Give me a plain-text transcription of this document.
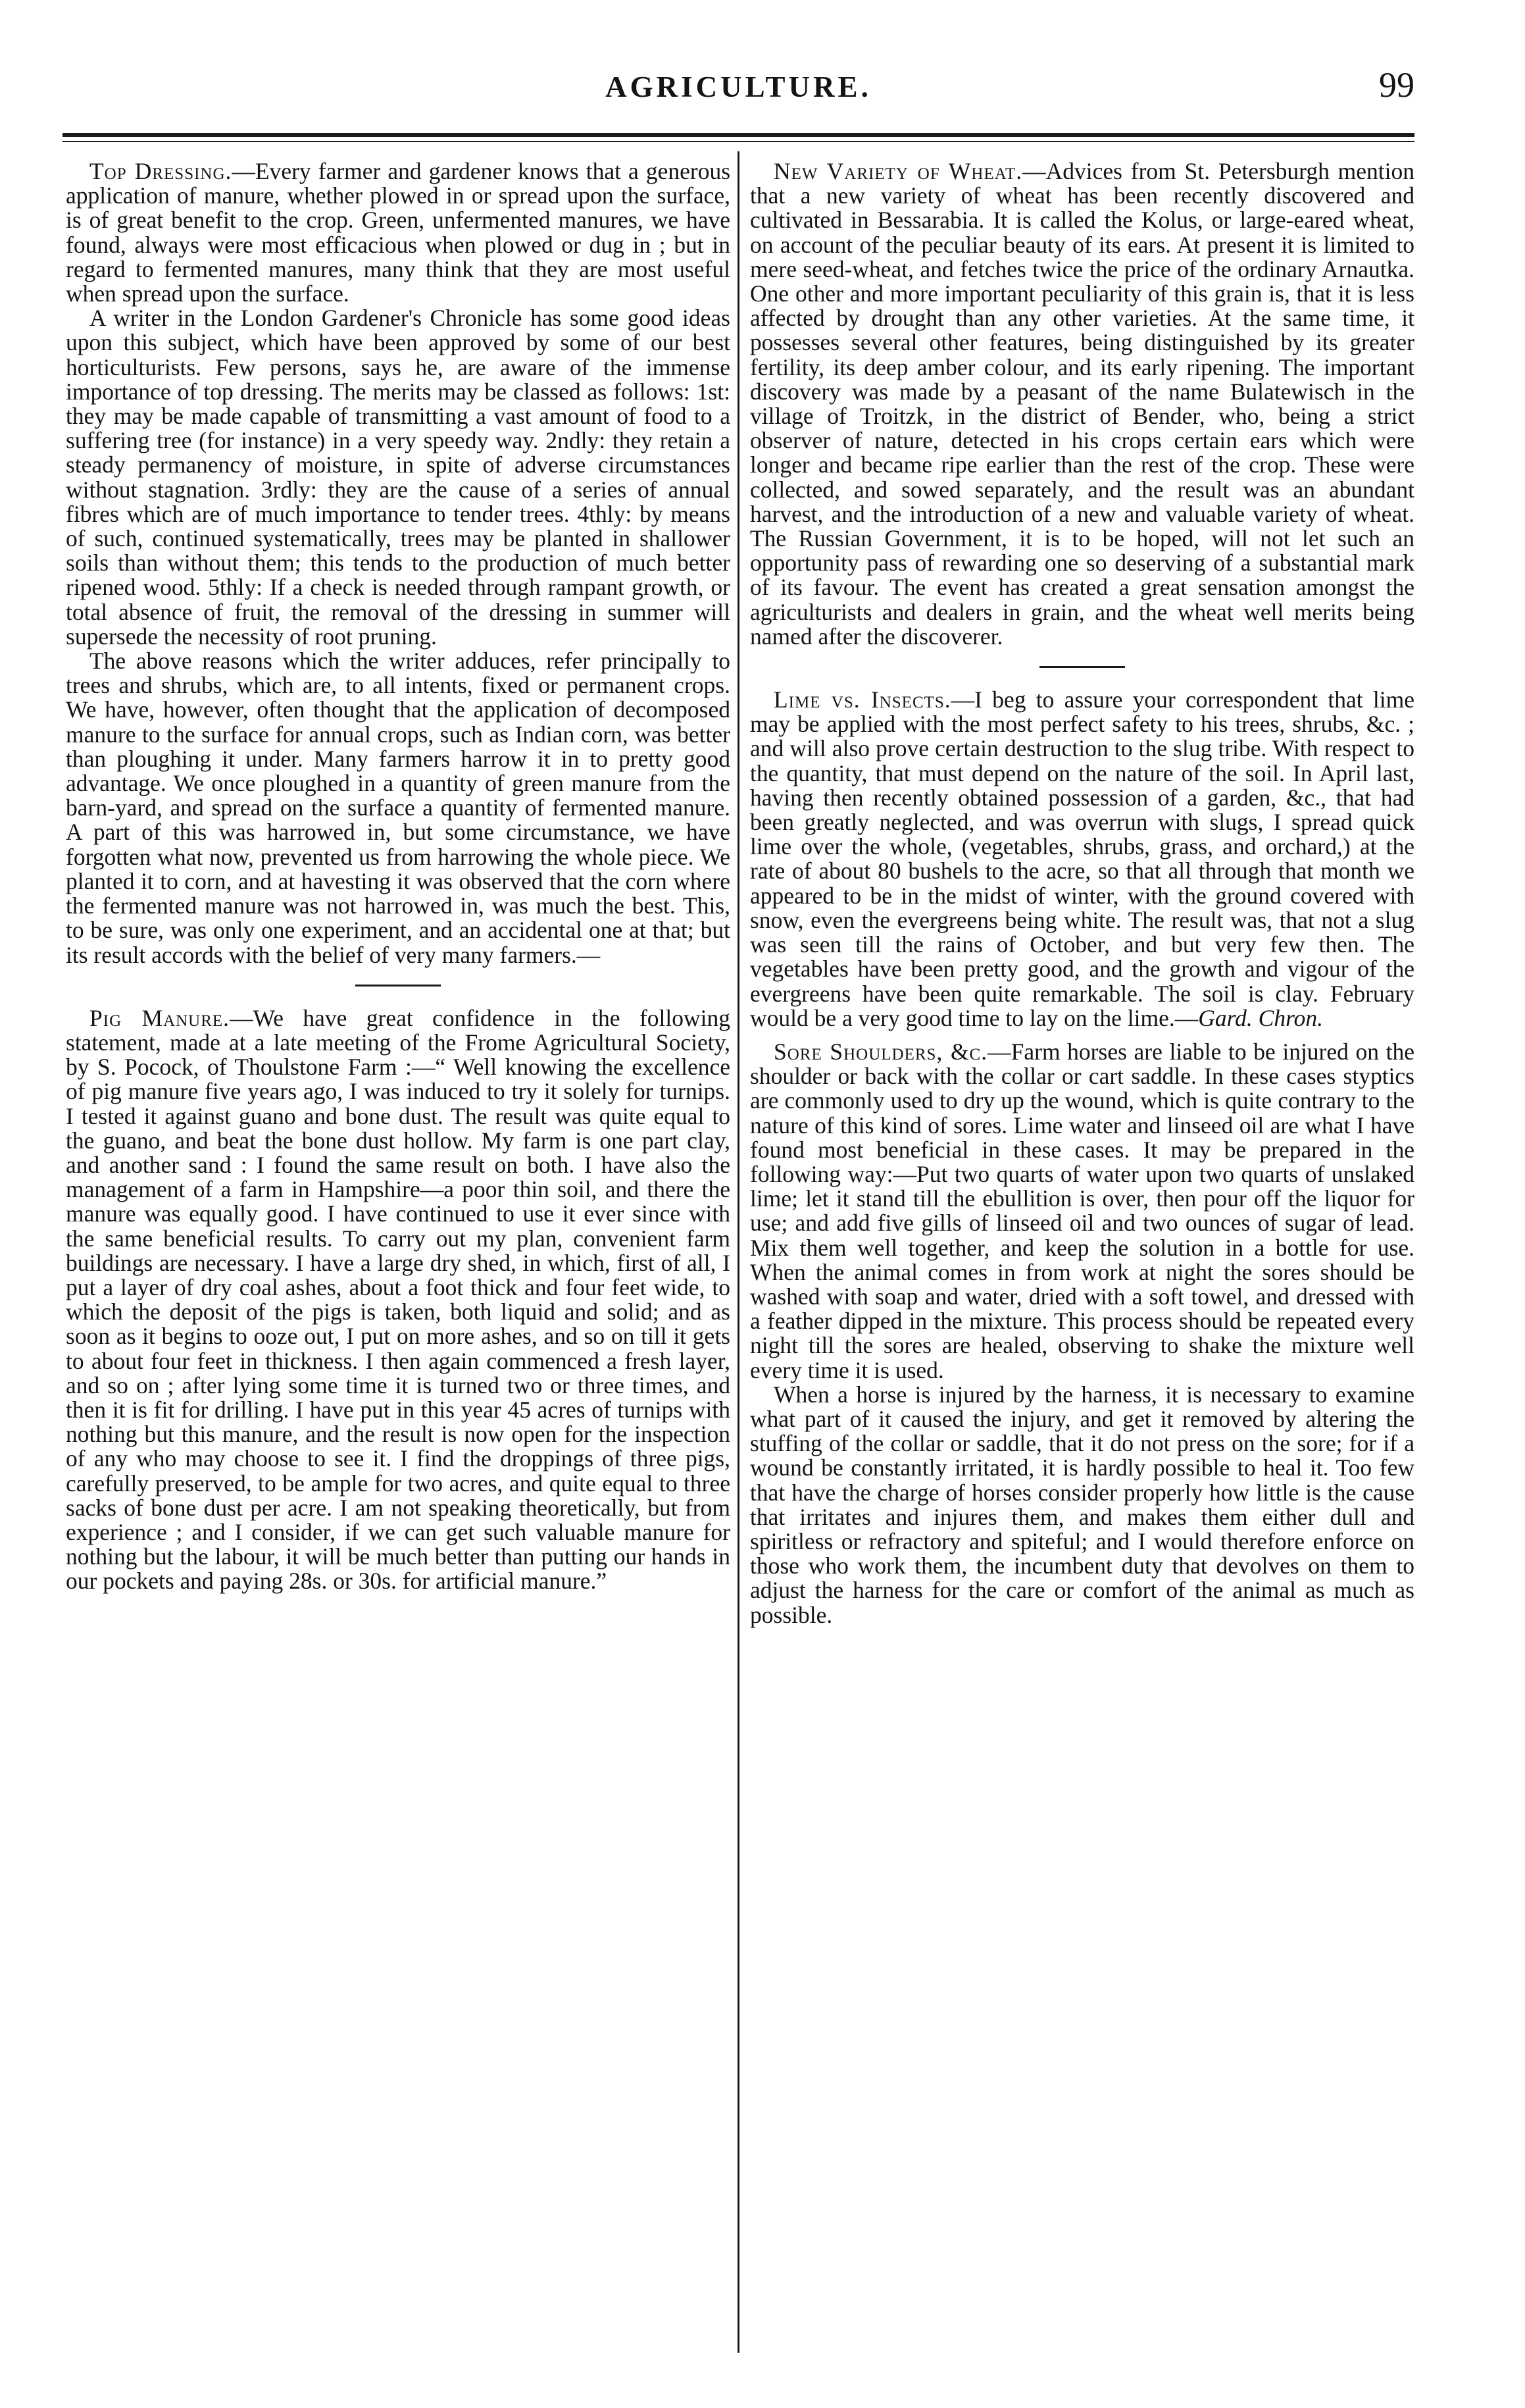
AGRICULTURE.	99

Top Dressing.—Every farmer and gardener knows that a generous application of manure, whether plowed in or spread upon the surface, is of great benefit to the crop. Green, unfermented manures, we have found, always were most efficacious when plowed or dug in ; but in regard to fermented manures, many think that they are most useful when spread upon the surface.

A writer in the London Gardener's Chronicle has some good ideas upon this subject, which have been approved by some of our best horticulturists. Few persons, says he, are aware of the immense importance of top dressing. The merits may be classed as follows: 1st: they may be made capable of transmitting a vast amount of food to a suffering tree (for instance) in a very speedy way. 2ndly: they retain a steady permanency of moisture, in spite of adverse circumstances without stagnation. 3rdly: they are the cause of a series of annual fibres which are of much importance to tender trees. 4thly: by means of such, continued systematically, trees may be planted in shallower soils than without them; this tends to the production of much better ripened wood. 5thly: If a check is needed through rampant growth, or total absence of fruit, the removal of the dressing in summer will supersede the necessity of root pruning.

The above reasons which the writer adduces, refer principally to trees and shrubs, which are, to all intents, fixed or permanent crops. We have, however, often thought that the application of decomposed manure to the surface for annual crops, such as Indian corn, was better than ploughing it under. Many farmers harrow it in to pretty good advantage. We once ploughed in a quantity of green manure from the barn-yard, and spread on the surface a quantity of fermented manure. A part of this was harrowed in, but some circumstance, we have forgotten what now, prevented us from harrowing the whole piece. We planted it to corn, and at havesting it was observed that the corn where the fermented manure was not harrowed in, was much the best. This, to be sure, was only one experiment, and an accidental one at that; but its result accords with the belief of very many farmers.—

Pig Manure.—We have great confidence in the following statement, made at a late meeting of the Frome Agricultural Society, by S. Pocock, of Thoulstone Farm :—“ Well knowing the excellence of pig manure five years ago, I was induced to try it solely for turnips. I tested it against guano and bone dust. The result was quite equal to the guano, and beat the bone dust hollow. My farm is one part clay, and another sand : I found the same result on both. I have also the management of a farm in Hampshire—a poor thin soil, and there the manure was equally good. I have continued to use it ever since with the same beneficial results. To carry out my plan, convenient farm buildings are necessary. I have a large dry shed, in which, first of all, I put a layer of dry coal ashes, about a foot thick and four feet wide, to which the deposit of the pigs is taken, both liquid and solid; and as soon as it begins to ooze out, I put on more ashes, and so on till it gets to about four feet in thickness. I then again commenced a fresh layer, and so on ; after lying some time it is turned two or three times, and then it is fit for drilling. I have put in this year 45 acres of turnips with nothing but this manure, and the result is now open for the inspection of any who may choose to see it. I find the droppings of three pigs, carefully preserved, to be ample for two acres, and quite equal to three sacks of bone dust per acre. I am not speaking theoretically, but from experience ; and I consider, if we can get such valuable manure for nothing but the labour, it will be much better than putting our hands in our pockets and paying 28s. or 30s. for artificial manure.”

New Variety of Wheat.—Advices from St. Petersburgh mention that a new variety of wheat has been recently discovered and cultivated in Bessarabia. It is called the Kolus, or large-eared wheat, on account of the peculiar beauty of its ears. At present it is limited to mere seed-wheat, and fetches twice the price of the ordinary Arnautka. One other and more important peculiarity of this grain is, that it is less affected by drought than any other varieties. At the same time, it possesses several other features, being distinguished by its greater fertility, its deep amber colour, and its early ripening. The important discovery was made by a peasant of the name Bulatewisch in the village of Troitzk, in the district of Bender, who, being a strict observer of nature, detected in his crops certain ears which were longer and became ripe earlier than the rest of the crop. These were collected, and sowed separately, and the result was an abundant harvest, and the introduction of a new and valuable variety of wheat. The Russian Government, it is to be hoped, will not let such an opportunity pass of rewarding one so deserving of a substantial mark of its favour. The event has created a great sensation amongst the agriculturists and dealers in grain, and the wheat well merits being named after the discoverer.

Lime vs. Insects.—I beg to assure your correspondent that lime may be applied with the most perfect safety to his trees, shrubs, &c. ; and will also prove certain destruction to the slug tribe. With respect to the quantity, that must depend on the nature of the soil. In April last, having then recently obtained possession of a garden, &c., that had been greatly neglected, and was overrun with slugs, I spread quick lime over the whole, (vegetables, shrubs, grass, and orchard,) at the rate of about 80 bushels to the acre, so that all through that month we appeared to be in the midst of winter, with the ground covered with snow, even the evergreens being white. The result was, that not a slug was seen till the rains of October, and but very few then. The vegetables have been pretty good, and the growth and vigour of the evergreens have been quite remarkable. The soil is clay. February would be a very good time to lay on the lime.—Gard. Chron.

Sore Shoulders, &c.—Farm horses are liable to be injured on the shoulder or back with the collar or cart saddle. In these cases styptics are commonly used to dry up the wound, which is quite contrary to the nature of this kind of sores. Lime water and linseed oil are what I have found most beneficial in these cases. It may be prepared in the following way:—Put two quarts of water upon two quarts of unslaked lime; let it stand till the ebullition is over, then pour off the liquor for use; and add five gills of linseed oil and two ounces of sugar of lead. Mix them well together, and keep the solution in a bottle for use. When the animal comes in from work at night the sores should be washed with soap and water, dried with a soft towel, and dressed with a feather dipped in the mixture. This process should be repeated every night till the sores are healed, observing to shake the mixture well every time it is used.

When a horse is injured by the harness, it is necessary to examine what part of it caused the injury, and get it removed by altering the stuffing of the collar or saddle, that it do not press on the sore; for if a wound be constantly irritated, it is hardly possible to heal it. Too few that have the charge of horses consider properly how little is the cause that irritates and injures them, and makes them either dull and spiritless or refractory and spiteful; and I would therefore enforce on those who work them, the incumbent duty that devolves on them to adjust the harness for the care or comfort of the animal as much as possible.
